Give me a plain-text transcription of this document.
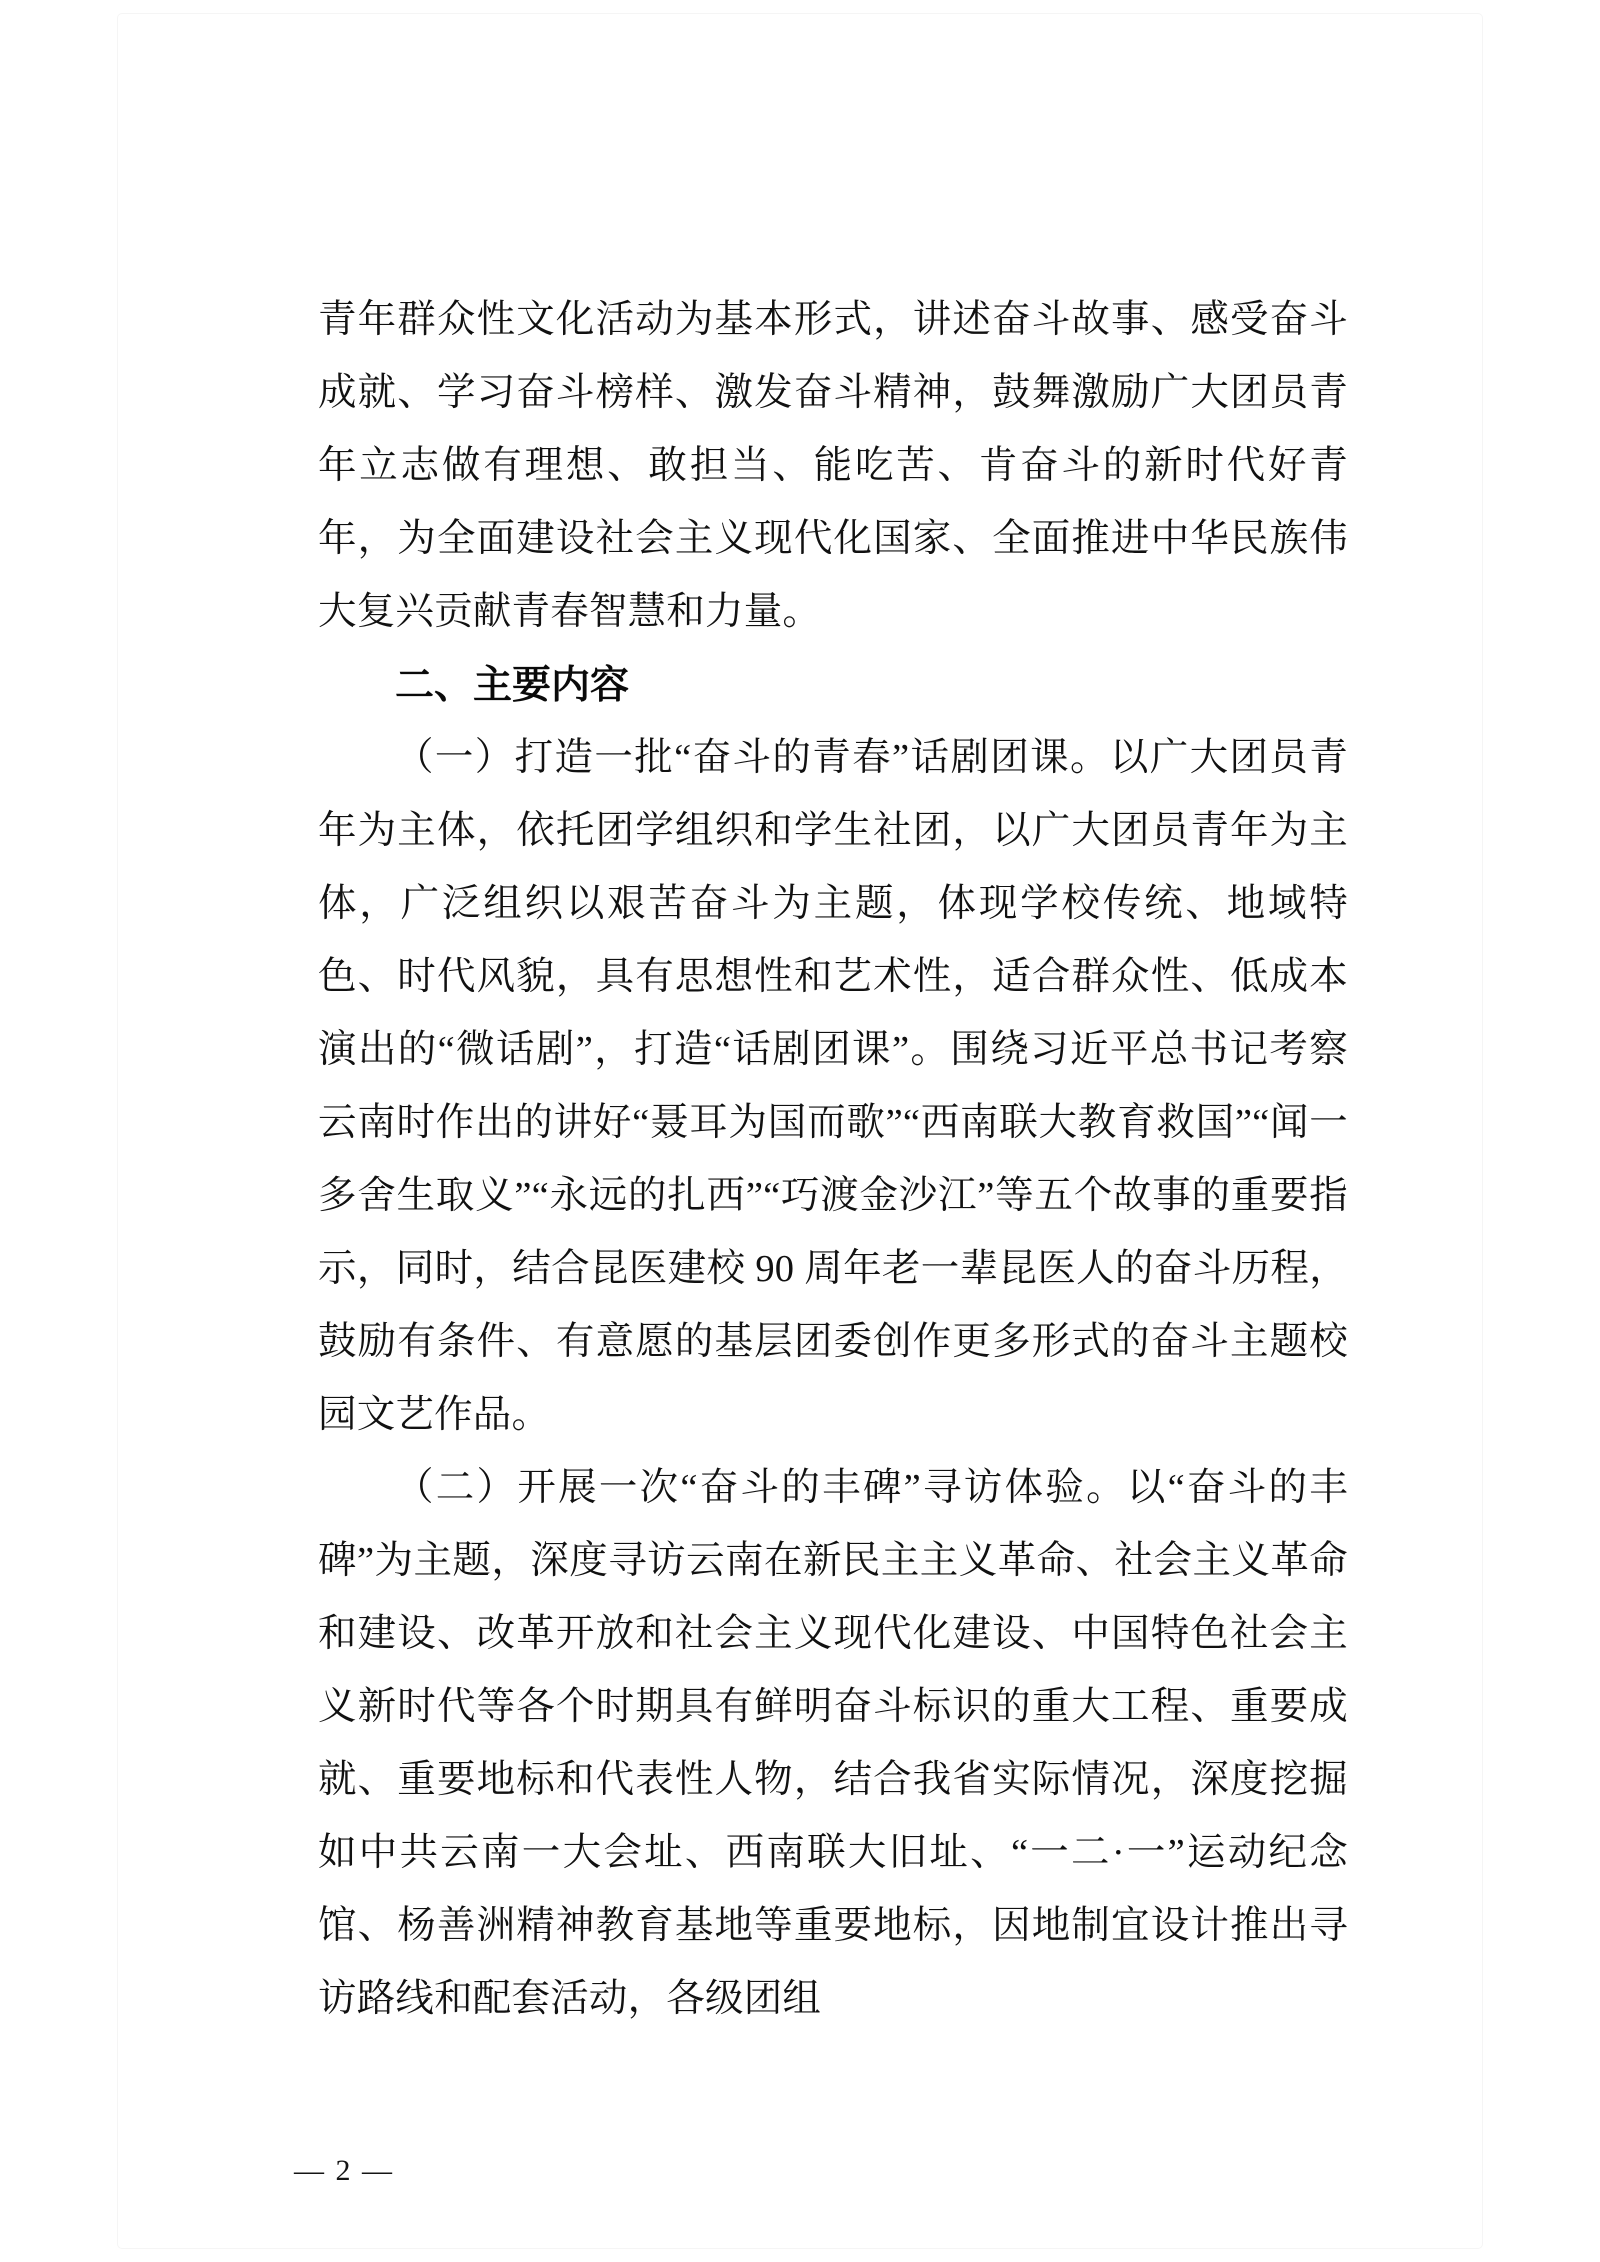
青年群众性文化活动为基本形式，讲述奋斗故事、感受奋斗成就、学习奋斗榜样、激发奋斗精神，鼓舞激励广大团员青年立志做有理想、敢担当、能吃苦、肯奋斗的新时代好青年，为全面建设社会主义现代化国家、全面推进中华民族伟大复兴贡献青春智慧和力量。

二、主要内容

（一）打造一批“奋斗的青春”话剧团课。以广大团员青年为主体，依托团学组织和学生社团，以广大团员青年为主体，广泛组织以艰苦奋斗为主题，体现学校传统、地域特色、时代风貌，具有思想性和艺术性，适合群众性、低成本演出的“微话剧”，打造“话剧团课”。围绕习近平总书记考察云南时作出的讲好“聂耳为国而歌”“西南联大教育救国”“闻一多舍生取义”“永远的扎西”“巧渡金沙江”等五个故事的重要指示，同时，结合昆医建校 90 周年老一辈昆医人的奋斗历程，鼓励有条件、有意愿的基层团委创作更多形式的奋斗主题校园文艺作品。

（二）开展一次“奋斗的丰碑”寻访体验。以“奋斗的丰碑”为主题，深度寻访云南在新民主主义革命、社会主义革命和建设、改革开放和社会主义现代化建设、中国特色社会主义新时代等各个时期具有鲜明奋斗标识的重大工程、重要成就、重要地标和代表性人物，结合我省实际情况，深度挖掘如中共云南一大会址、西南联大旧址、“一二·一”运动纪念馆、杨善洲精神教育基地等重要地标，因地制宜设计推出寻访路线和配套活动，各级团组

— 2 —
